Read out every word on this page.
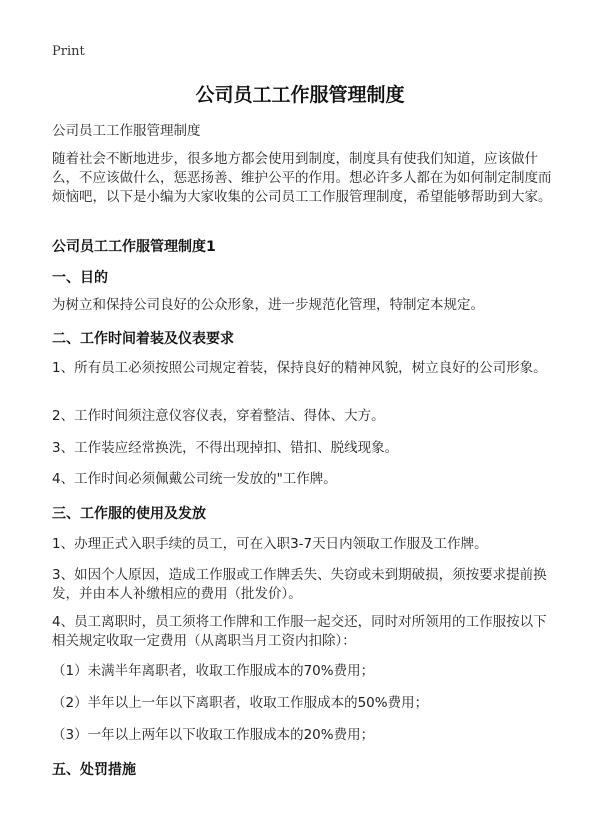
Print
公司员工工作服管理制度

公司员工工作服管理制度

随着社会不断地进步，很多地方都会使用到制度，制度具有使我们知道，应该做什么，不应该做什么，惩恶扬善、维护公平的作用。想必许多人都在为如何制定制度而烦恼吧，以下是小编为大家收集的公司员工工作服管理制度，希望能够帮助到大家。

公司员工工作服管理制度1
一、目的

为树立和保持公司良好的公众形象，进一步规范化管理，特制定本规定。

二、工作时间着装及仪表要求

1、所有员工必须按照公司规定着装，保持良好的精神风貌，树立良好的公司形象。

2、工作时间须注意仪容仪表，穿着整洁、得体、大方。

3、工作装应经常换洗，不得出现掉扣、错扣、脱线现象。

4、工作时间必须佩戴公司统一发放的"工作牌。

三、工作服的使用及发放

1、办理正式入职手续的员工，可在入职3-7天日内领取工作服及工作牌。

3、如因个人原因，造成工作服或工作牌丢失、失窃或未到期破损，须按要求提前换发，并由本人补缴相应的费用（批发价）。

4、员工离职时，员工须将工作牌和工作服一起交还，同时对所领用的工作服按以下相关规定收取一定费用（从离职当月工资内扣除）：

（1）未满半年离职者，收取工作服成本的70%费用；

（2）半年以上一年以下离职者，收取工作服成本的50%费用；

（3）一年以上两年以下收取工作服成本的20%费用；

五、处罚措施
